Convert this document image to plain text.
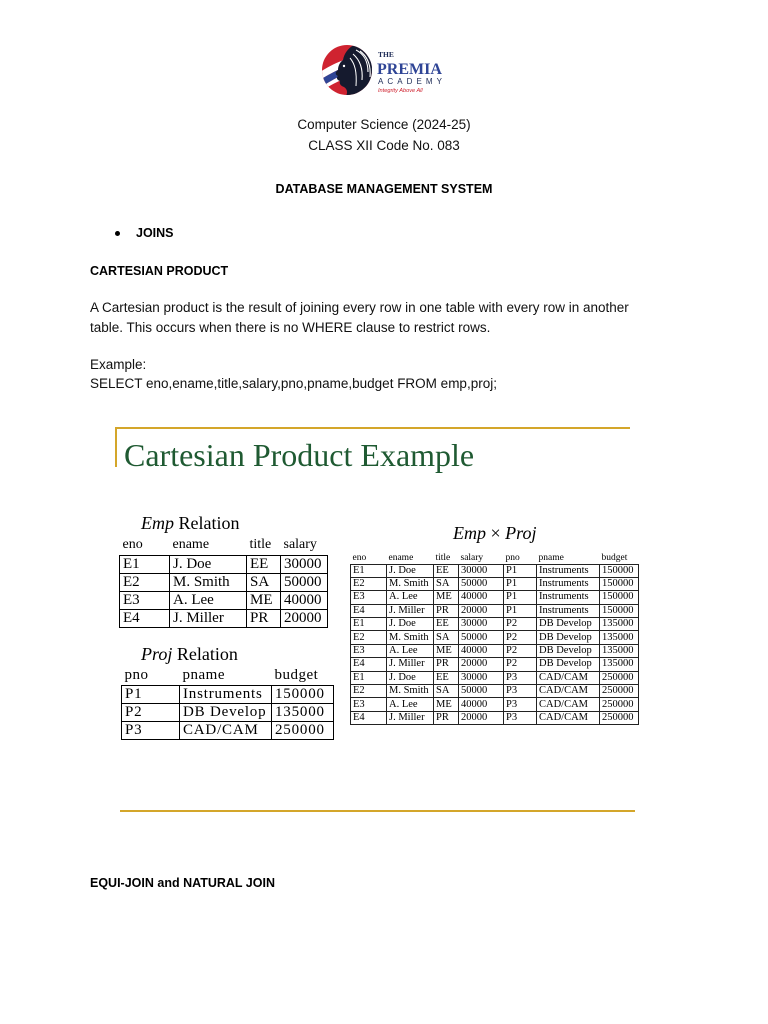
THE
PREMIA
ACADEMY
Integrity Above All
Computer Science (2024-25)
CLASS XII Code No. 083
DATABASE MANAGEMENT SYSTEM
JOINS
CARTESIAN PRODUCT

A Cartesian product is the result of joining every row in one table with every row in another table. This occurs when there is no WHERE clause to restrict rows.

Example:
SELECT eno,ename,title,salary,pno,pname,budget FROM emp,proj;
Cartesian Product Example
Emp Relation
eno	ename	title	salary
E1	J. Doe	EE	30000
E2	M. Smith	SA	50000
E3	A. Lee	ME	40000
E4	J. Miller	PR	20000
Proj Relation
pno	pname	budget
P1	Instruments	150000
P2	DB Develop	135000
P3	CAD/CAM	250000
Emp × Proj
eno	ename	title	salary	pno	pname	budget
E1	J. Doe	EE	30000	P1	Instruments	150000
E2	M. Smith	SA	50000	P1	Instruments	150000
E3	A. Lee	ME	40000	P1	Instruments	150000
E4	J. Miller	PR	20000	P1	Instruments	150000
E1	J. Doe	EE	30000	P2	DB Develop	135000
E2	M. Smith	SA	50000	P2	DB Develop	135000
E3	A. Lee	ME	40000	P2	DB Develop	135000
E4	J. Miller	PR	20000	P2	DB Develop	135000
E1	J. Doe	EE	30000	P3	CAD/CAM	250000
E2	M. Smith	SA	50000	P3	CAD/CAM	250000
E3	A. Lee	ME	40000	P3	CAD/CAM	250000
E4	J. Miller	PR	20000	P3	CAD/CAM	250000
EQUI-JOIN and NATURAL JOIN
